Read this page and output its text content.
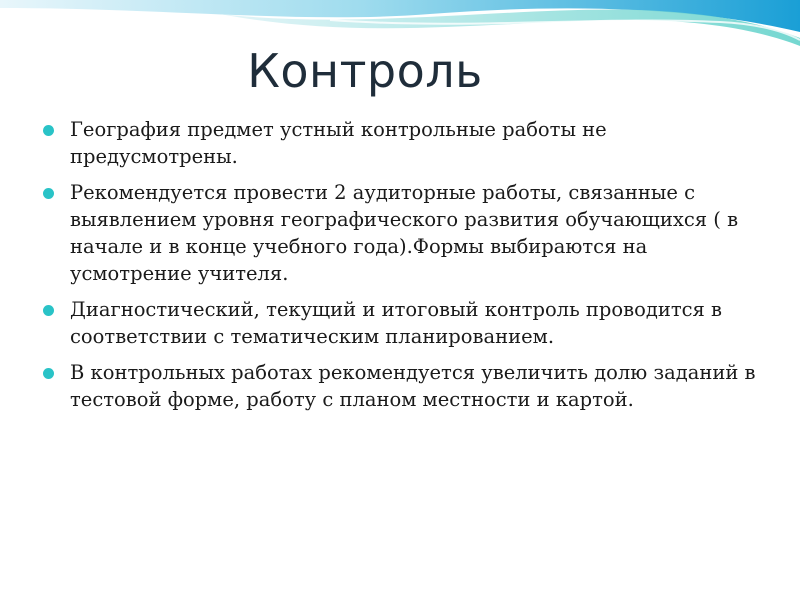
Контроль
География предмет устный контрольные работы не предусмотрены.
Рекомендуется провести 2 аудиторные работы, связанные с выявлением уровня географического развития обучающихся ( в начале и в конце учебного года).Формы выбираются на усмотрение учителя.
Диагностический, текущий и итоговый контроль проводится в соответствии с тематическим планированием.
В контрольных работах рекомендуется увеличить долю заданий в тестовой форме, работу с планом местности и картой.
